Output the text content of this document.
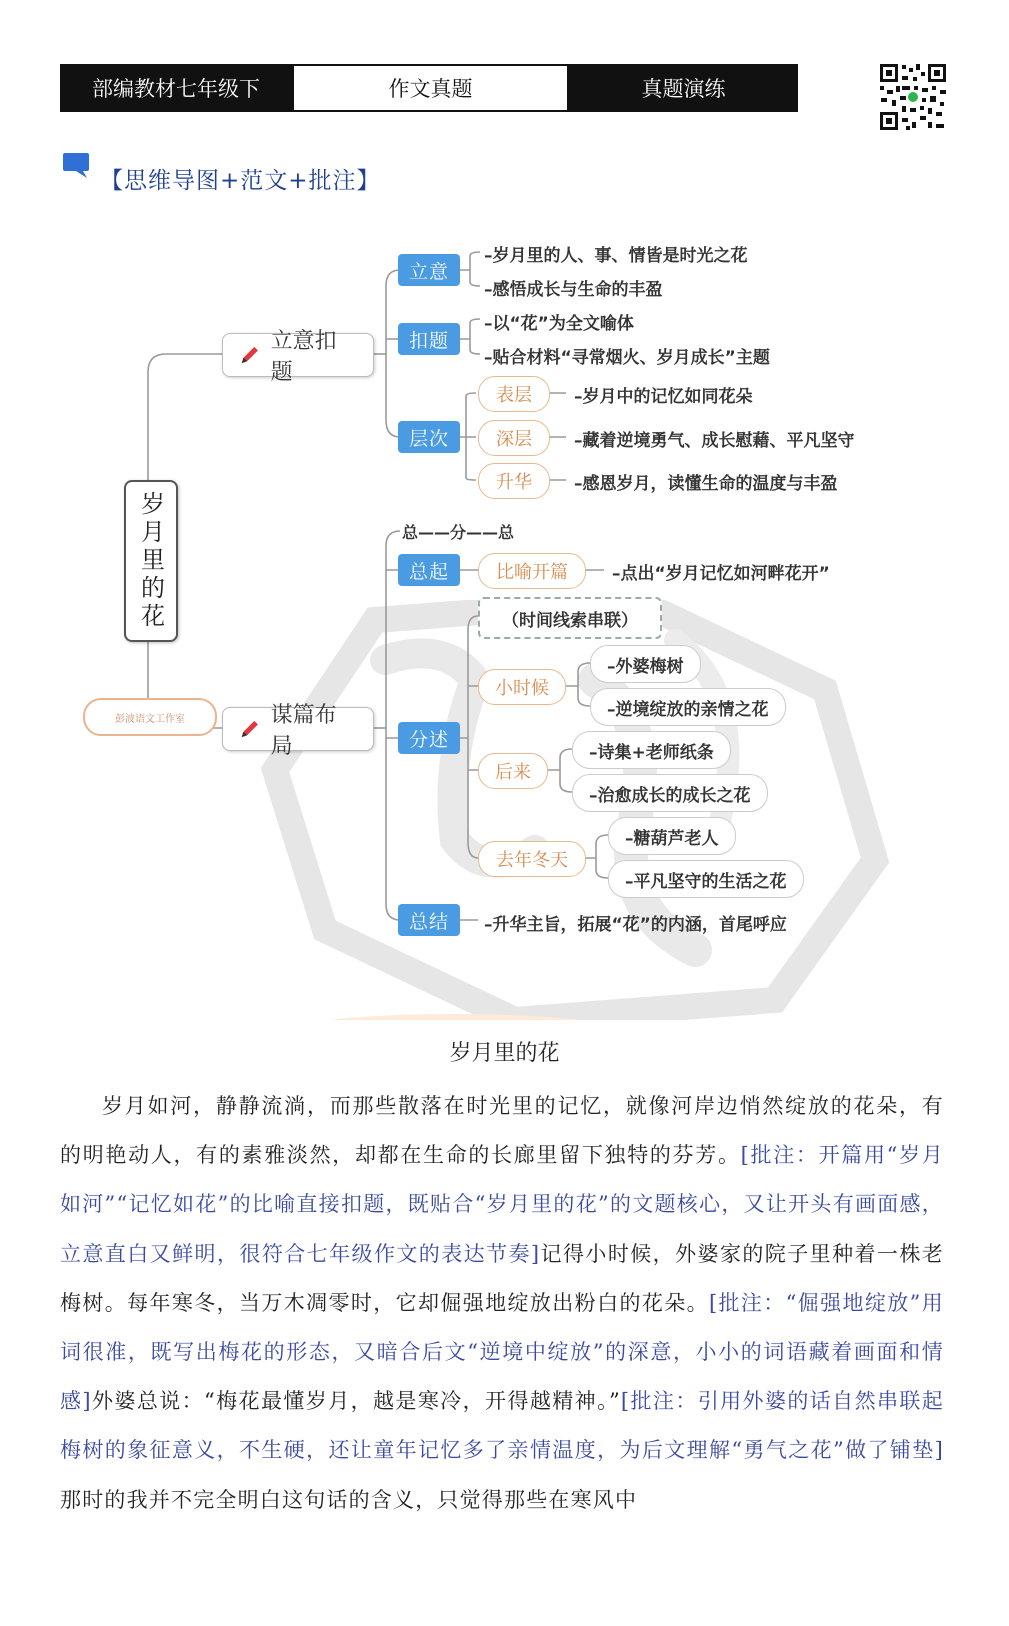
部编教材七年级下	作文真题	真题演练
【思维导图+范文+批注】
岁月里的花
彭波语文工作室
立意扣题
立意
–岁月里的人、事、情皆是时光之花
–感悟成长与生命的丰盈
扣题
–以“花”为全文喻体
–贴合材料“寻常烟火、岁月成长”主题
层次
表层	–岁月中的记忆如同花朵
深层	–藏着逆境勇气、成长慰藉、平凡坚守
升华	–感恩岁月，读懂生命的温度与丰盈
谋篇布局
总——分——总
总起	比喻开篇	–点出“岁月记忆如河畔花开”
分述
（时间线索串联）
小时候
–外婆梅树
–逆境绽放的亲情之花
后来
–诗集+老师纸条
–治愈成长的成长之花
去年冬天
–糖葫芦老人
–平凡坚守的生活之花
总结	–升华主旨，拓展“花”的内涵，首尾呼应
岁月里的花
岁月如河，静静流淌，而那些散落在时光里的记忆，就像河岸边悄然绽放的花朵，有的明艳动人，有的素雅淡然，却都在生命的长廊里留下独特的芬芳。[批注：开篇用“岁月如河”“记忆如花”的比喻直接扣题，既贴合“岁月里的花”的文题核心，又让开头有画面感，立意直白又鲜明，很符合七年级作文的表达节奏]记得小时候，外婆家的院子里种着一株老梅树。每年寒冬，当万木凋零时，它却倔强地绽放出粉白的花朵。[批注：“倔强地绽放”用词很准，既写出梅花的形态，又暗合后文“逆境中绽放”的深意，小小的词语藏着画面和情感]外婆总说：“梅花最懂岁月，越是寒冷，开得越精神。”[批注：引用外婆的话自然串联起梅树的象征意义，不生硬，还让童年记忆多了亲情温度，为后文理解“勇气之花”做了铺垫]那时的我并不完全明白这句话的含义，只觉得那些在寒风中
